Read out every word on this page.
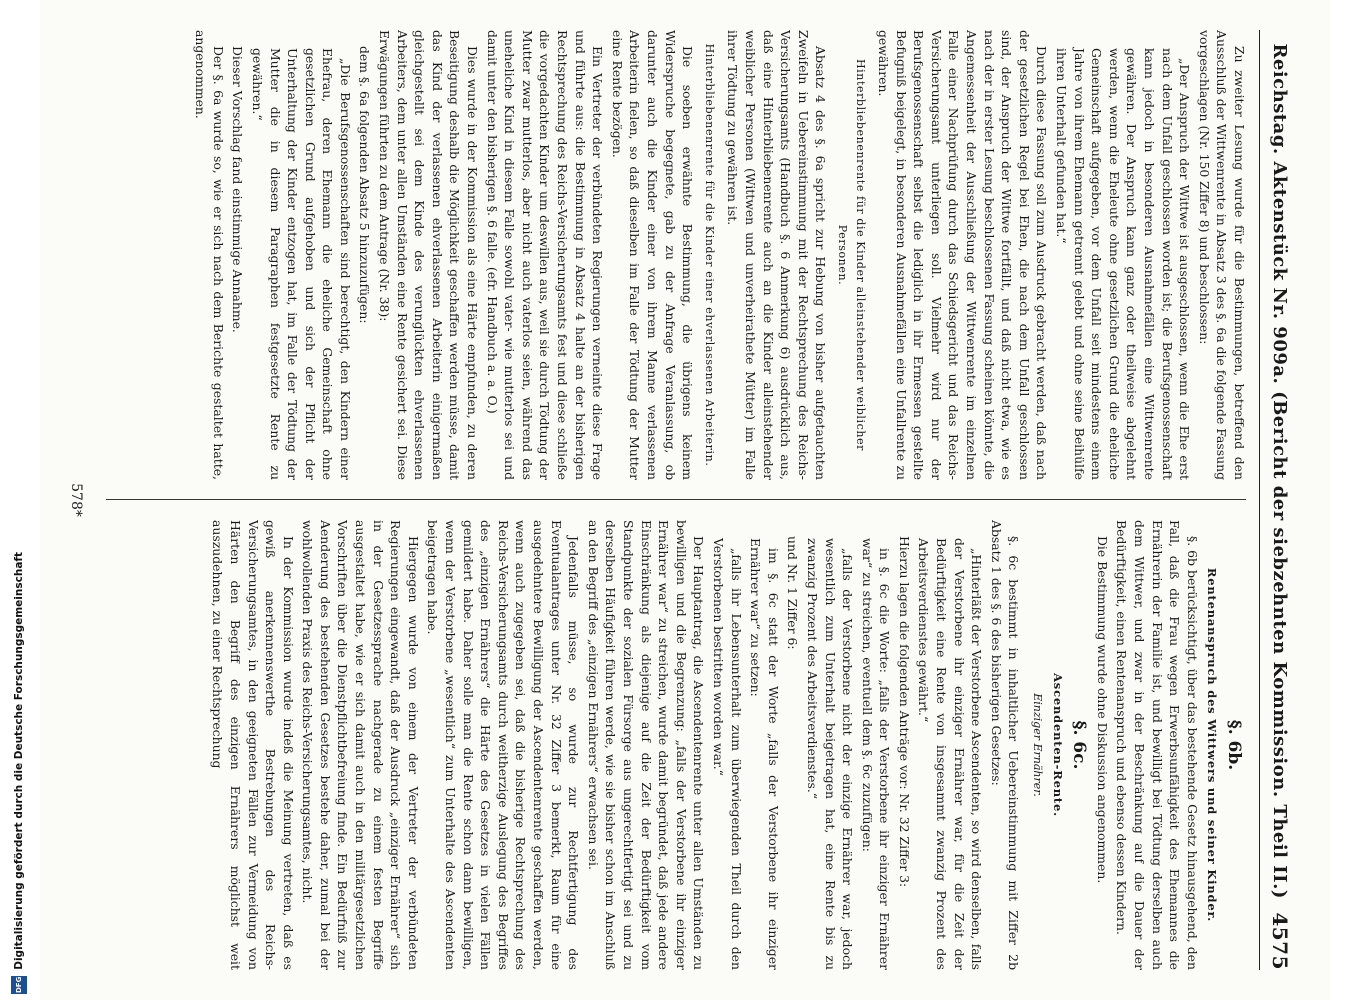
Digitalisierung gefördert durch die Deutsche Forschungsgemeinschaft
DFG
Reichstag. Aktenstück Nr. 909a. (Bericht der siebzehnten Kommission. Theil II.)
4575

Zu zweiter Lesung wurde für die Bestimmungen, betreffend den Ausschluß der Wittwenrente in Absatz 3 des §. 6a die folgende Fassung vorgeschlagen (Nr. 150 Ziffer 8) und beschlossen:

„Der Anspruch der Wittwe ist ausgeschlossen, wenn die Ehe erst nach dem Unfall geschlossen worden ist; die Berufsgenossenschaft kann jedoch in besonderen Ausnahmefällen eine Wittwenrente gewähren. Der Anspruch kann ganz oder theilweise abgelehnt werden, wenn die Eheleute ohne gesetzlichen Grund die eheliche Gemeinschaft aufgegeben, vor dem Unfall seit mindestens einem Jahre von ihrem Ehemann getrennt gelebt und ohne seine Beihülfe ihren Unterhalt gefunden hat.“

Durch diese Fassung soll zum Ausdruck gebracht werden, daß nach der gesetzlichen Regel bei Ehen, die nach dem Unfall geschlossen sind, der Anspruch der Wittwe fortfällt, und daß nicht etwa, wie es nach der in erster Lesung beschlossenen Fassung scheinen könnte, die Angemessenheit der Ausschließung der Wittwenrente im einzelnen Falle einer Nachprüfung durch das Schiedsgericht und das Reichs-Versicherungsamt unterliegen soll. Vielmehr wird nur der Berufsgenossenschaft selbst die lediglich in ihr Ermessen gestellte Befugniß beigelegt, in besonderen Ausnahmefällen eine Unfallrente zu gewähren.

Hinterbliebenenrente für die Kinder alleinstehender weiblicher Personen.

Absatz 4 des §. 6a spricht zur Hebung von bisher aufgetauchten Zweifeln in Uebereinstimmung mit der Rechtsprechung des Reichs-Versicherungsamts (Handbuch §. 6 Anmerkung 6) ausdrücklich aus, daß eine Hinterbliebenenrente auch an die Kinder alleinstehender weiblicher Personen (Wittwen und unverheirathete Mütter) im Falle ihrer Tödtung zu gewähren ist.

Hinterbliebenenrente für die Kinder einer ehverlassenen Arbeiterin.

Die soeben erwähnte Bestimmung, die übrigens keinem Widerspruche begegnete, gab zu der Anfrage Veranlassung, ob darunter auch die Kinder einer von ihrem Manne verlassenen Arbeiterin fielen, so daß dieselben im Falle der Tödtung der Mutter eine Rente bezögen.

Ein Vertreter der verbündeten Regierungen verneinte diese Frage und führte aus: die Bestimmung in Absatz 4 halte an der bisherigen Rechtsprechung des Reichs-Versicherungsamts fest und diese schließe die vorgedachten Kinder um deswillen aus, weil sie durch Tödtung der Mutter zwar mutterlos, aber nicht auch vaterlos seien, während das uneheliche Kind in diesem Falle sowohl vater- wie mutterlos sei und damit unter den bisherigen §. 6 falle. (efr. Handbuch a. a. O.)

Dies wurde in der Kommission als eine Härte empfunden, zu deren Beseitigung deshalb die Möglichkeit geschaffen werden müsse, damit das Kind der verlassenen ehverlassenen Arbeiterin einigermaßen gleichgestellt sei dem Kinde des verunglückten ehverlassenen Arbeiters, dem unter allen Umständen eine Rente gesichert sei. Diese Erwägungen führten zu dem Antrage (Nr. 38):

dem §. 6a folgenden Absatz 5 hinzuzufügen:

„Die Berufsgenossenschaften sind berechtigt, den Kindern einer Ehefrau, deren Ehemann die eheliche Gemeinschaft ohne gesetzlichen Grund aufgehoben und sich der Pflicht der Unterhaltung der Kinder entzogen hat, im Falle der Tödtung der Mutter die in diesem Paragraphen festgesetzte Rente zu gewähren.“

Dieser Vorschlag fand einstimmige Annahme.

Der §. 6a wurde so, wie er sich nach dem Berichte gestaltet hatte, angenommen.

§. 6b.
Rentenanspruch des Wittwers und seiner Kinder.

§. 6b berücksichtigt, über das bestehende Gesetz hinausgehend, den Fall, daß die Frau wegen Erwerbsunfähigkeit des Ehemannes die Ernährerin der Familie ist, und bewilligt bei Tödtung derselben auch dem Wittwer, und zwar in der Beschränkung auf die Dauer der Bedürftigkeit, einen Rentenanspruch und ebenso dessen Kindern.

Die Bestimmung wurde ohne Diskussion angenommen.

§. 6c.
Ascendenten-Rente.
Einziger Ernährer.

§. 6c bestimmt in inhaltlicher Uebereinstimmung mit Ziffer 2b Absatz 1 des §. 6 des bisherigen Gesetzes:

„Hinterläßt der Verstorbene Ascendenten, so wird denselben, falls der Verstorbene ihr einziger Ernährer war, für die Zeit der Bedürftigkeit eine Rente von insgesammt zwanzig Prozent des Arbeitsverdienstes gewährt.“

Hierzu lagen die folgenden Anträge vor: Nr. 32 Ziffer 3:

in §. 6c die Worte: „falls der Verstorbene ihr einziger Ernährer war“ zu streichen, eventuell dem §. 6c zuzufügen:

„falls der Verstorbene nicht der einzige Ernährer war, jedoch wesentlich zum Unterhalt beigetragen hat, eine Rente bis zu zwanzig Prozent des Arbeitsverdienstes.“

und Nr. 1 Ziffer 6:

im §. 6c statt der Worte „falls der Verstorbene ihr einziger Ernährer war“ zu setzen:

„falls ihr Lebensunterhalt zum überwiegenden Theil durch den Verstorbenen bestritten worden war.“

Der Hauptantrag, die Ascendentenrente unter allen Umständen zu bewilligen und die Begrenzung: „falls der Verstorbene ihr einziger Ernährer war“ zu streichen, wurde damit begründet, daß jede andere Einschränkung als diejenige auf die Zeit der Bedürftigkeit vom Standpunkte der sozialen Fürsorge aus ungerechtfertigt sei und zu derselben Häufigkeit führen werde, wie sie bisher schon im Anschluß an den Begriff des „einzigen Ernährers“ erwachsen sei.

Jedenfalls müsse, so wurde zur Rechtfertigung des Eventualantrages unter Nr. 32 Ziffer 3 bemerkt, Raum für eine ausgedehntere Bewilligung der Ascendentenrente geschaffen werden, wenn auch zugegeben sei, daß die bisherige Rechtsprechung des Reichs-Versicherungsamts durch weitherzige Auslegung des Begriffes des „einzigen Ernährers“ die Härte des Gesetzes in vielen Fällen gemildert habe. Daher solle man die Rente schon dann bewilligen, wenn der Verstorbene „wesentlich“ zum Unterhalte des Ascendenten beigetragen habe.

Hiergegen wurde von einem der Vertreter der verbündeten Regierungen eingewandt, daß der Ausdruck „einziger Ernährer“ sich in der Gesetzessprache nachgerade zu einem festen Begriffe ausgestaltet habe, wie er sich damit auch in den militärgesetzlichen Vorschriften über die Dienstpflichtbefreiung finde. Ein Bedürfniß zur Aenderung des bestehenden Gesetzes bestehe daher, zumal bei der wohlwollenden Praxis des Reichs-Versicherungsamtes, nicht.

In der Kommission wurde indeß die Meinung vertreten, daß es gewiß anerkennenswerthe Bestrebungen des Reichs-Versicherungsamtes, in den geeigneten Fällen zur Vermeidung von Härten den Begriff des einzigen Ernährers möglichst weit auszudehnen, zu einer Rechtsprechung

578*
